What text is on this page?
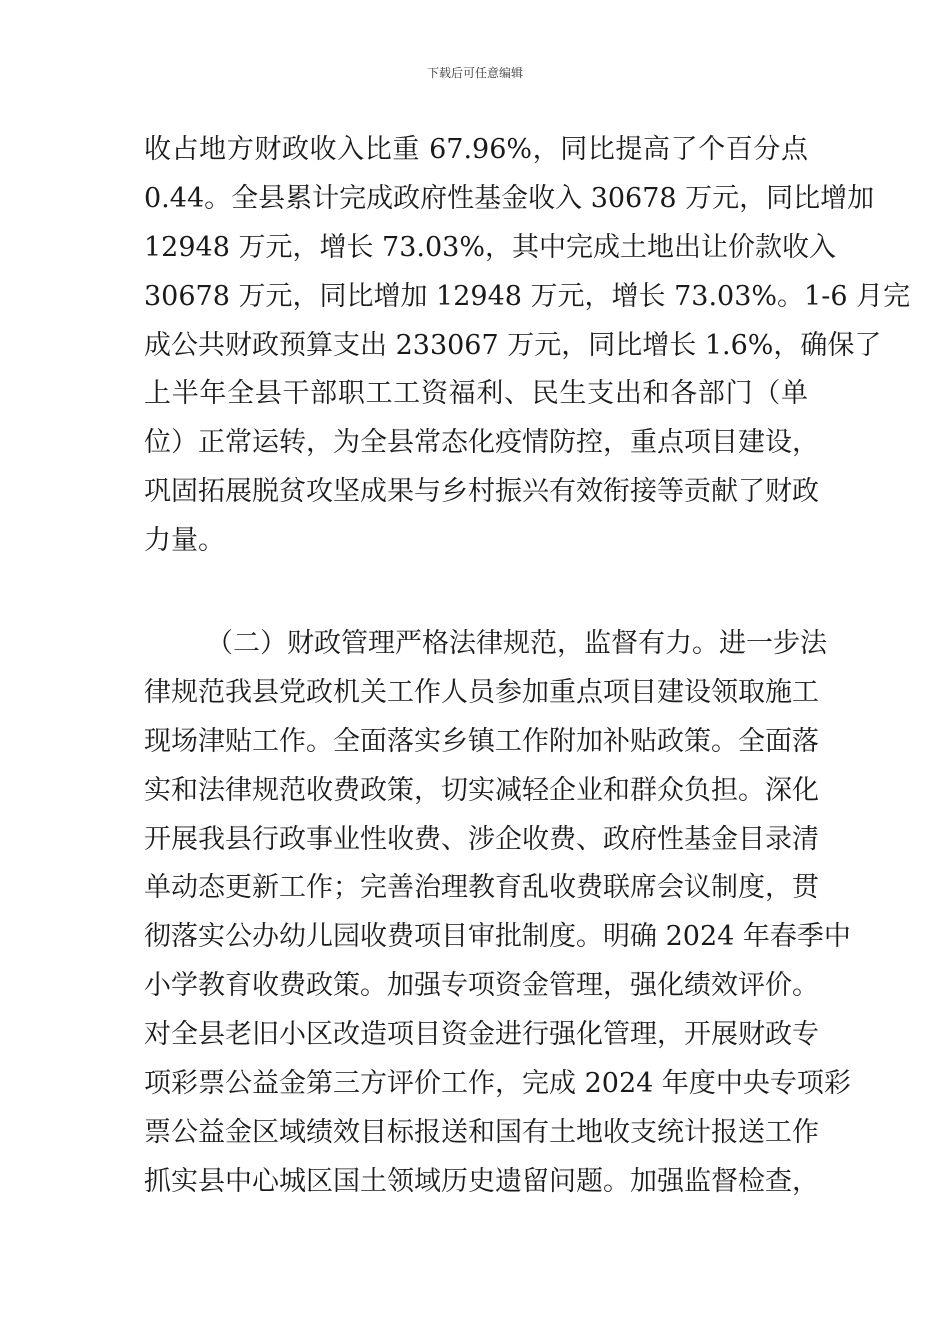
下载后可任意编辑
收占地方财政收入比重 67.96%，同比提高了个百分点
0.44。全县累计完成政府性基金收入 30678 万元，同比增加
12948 万元，增长 73.03%，其中完成土地出让价款收入
30678 万元，同比增加 12948 万元，增长 73.03%。1-6 月完
成公共财政预算支出 233067 万元，同比增长 1.6%，确保了
上半年全县干部职工工资福利、民生支出和各部门（单
位）正常运转，为全县常态化疫情防控，重点项目建设，
巩固拓展脱贫攻坚成果与乡村振兴有效衔接等贡献了财政
力量。
（二）财政管理严格法律规范，监督有力。进一步法
律规范我县党政机关工作人员参加重点项目建设领取施工
现场津贴工作。全面落实乡镇工作附加补贴政策。全面落
实和法律规范收费政策，切实减轻企业和群众负担。深化
开展我县行政事业性收费、涉企收费、政府性基金目录清
单动态更新工作；完善治理教育乱收费联席会议制度，贯
彻落实公办幼儿园收费项目审批制度。明确 2024 年春季中
小学教育收费政策。加强专项资金管理，强化绩效评价。
对全县老旧小区改造项目资金进行强化管理，开展财政专
项彩票公益金第三方评价工作，完成 2024 年度中央专项彩
票公益金区域绩效目标报送和国有土地收支统计报送工作
抓实县中心城区国土领域历史遗留问题。加强监督检查，
